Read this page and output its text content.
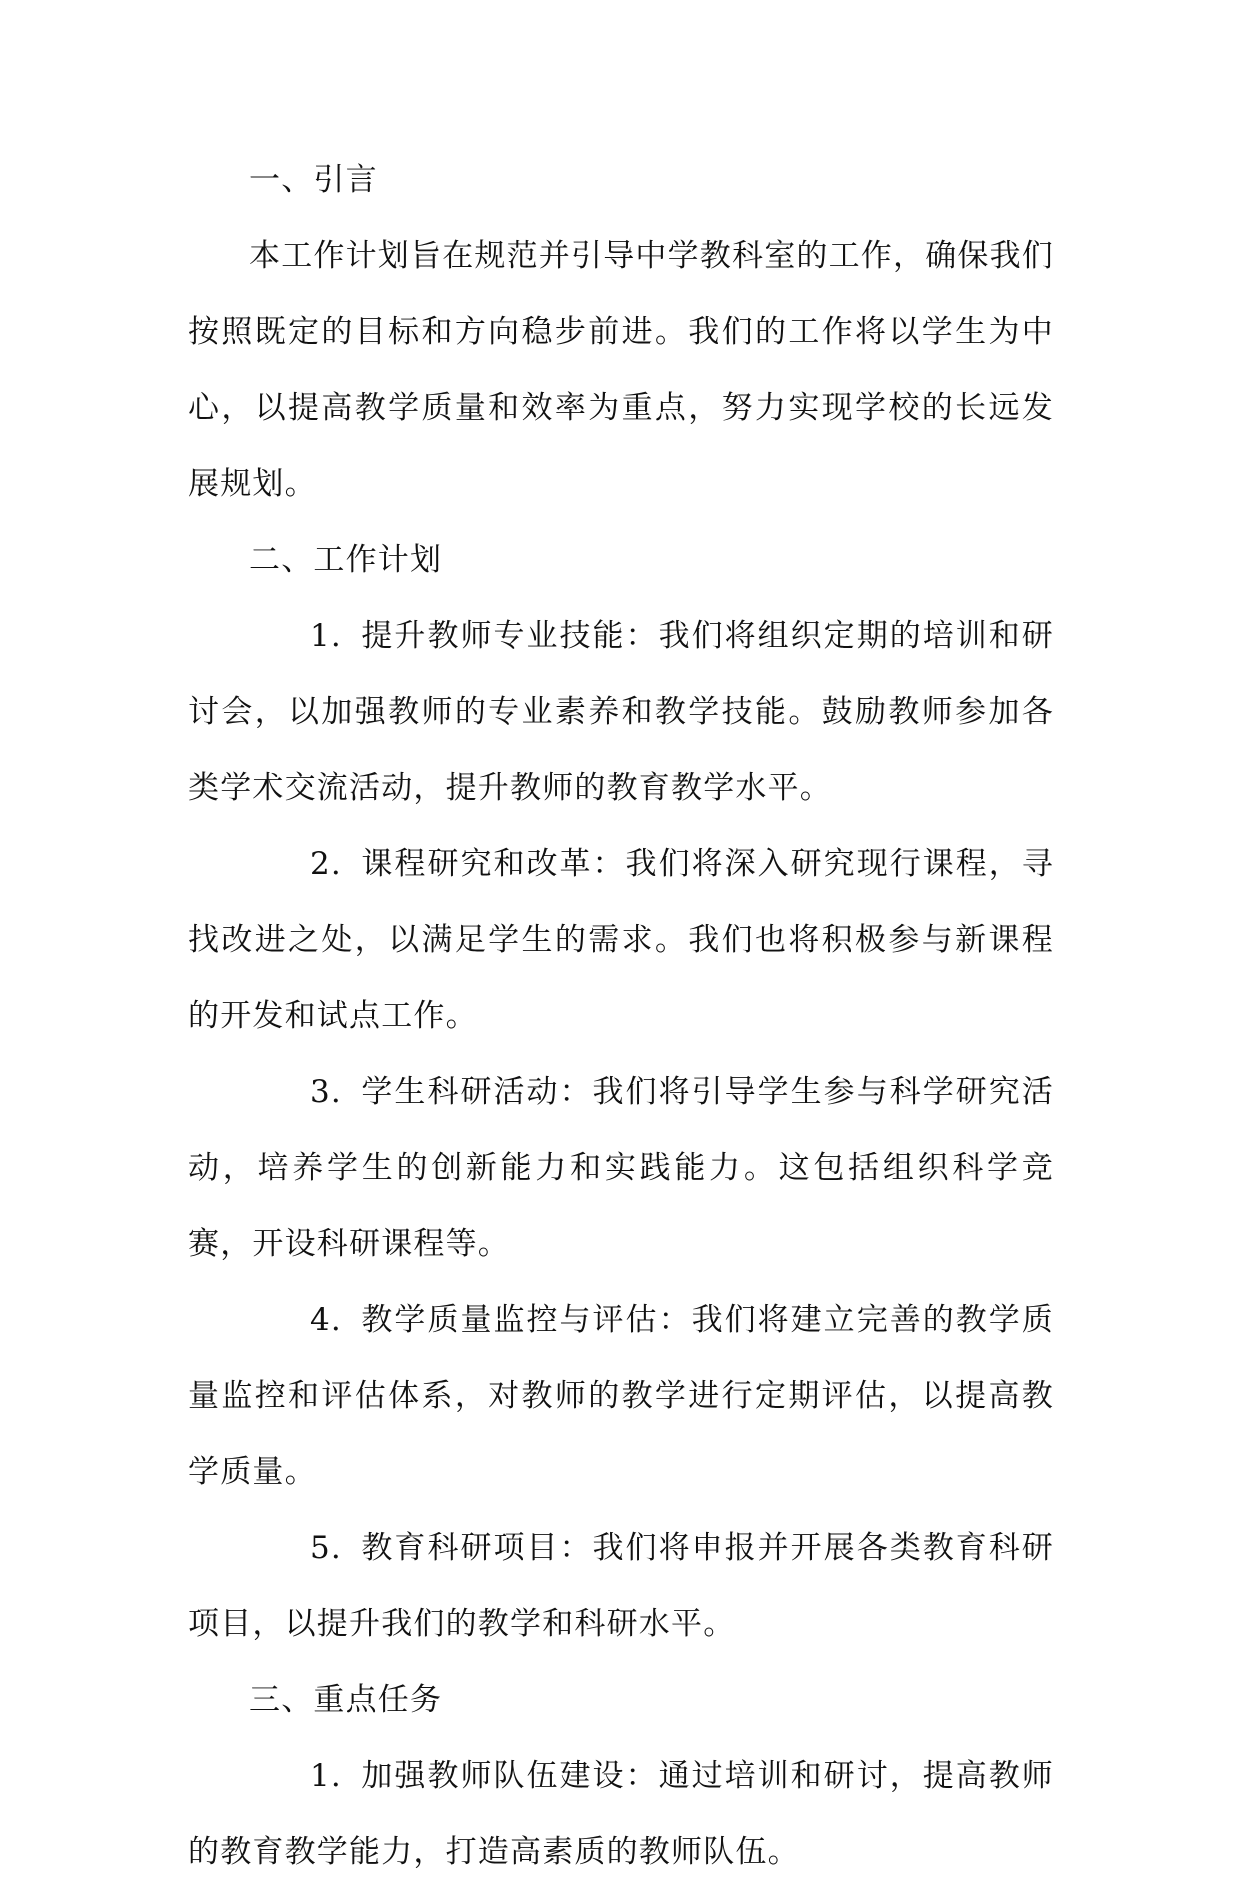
一、引言

本工作计划旨在规范并引导中学教科室的工作，确保我们按照既定的目标和方向稳步前进。我们的工作将以学生为中心，以提高教学质量和效率为重点，努力实现学校的长远发展规划。

二、工作计划

1. 提升教师专业技能：我们将组织定期的培训和研讨会，以加强教师的专业素养和教学技能。鼓励教师参加各类学术交流活动，提升教师的教育教学水平。

2. 课程研究和改革：我们将深入研究现行课程，寻找改进之处，以满足学生的需求。我们也将积极参与新课程的开发和试点工作。

3. 学生科研活动：我们将引导学生参与科学研究活动，培养学生的创新能力和实践能力。这包括组织科学竞赛，开设科研课程等。

4. 教学质量监控与评估：我们将建立完善的教学质量监控和评估体系，对教师的教学进行定期评估，以提高教学质量。

5. 教育科研项目：我们将申报并开展各类教育科研项目，以提升我们的教学和科研水平。

三、重点任务

1. 加强教师队伍建设：通过培训和研讨，提高教师的教育教学能力，打造高素质的教师队伍。
